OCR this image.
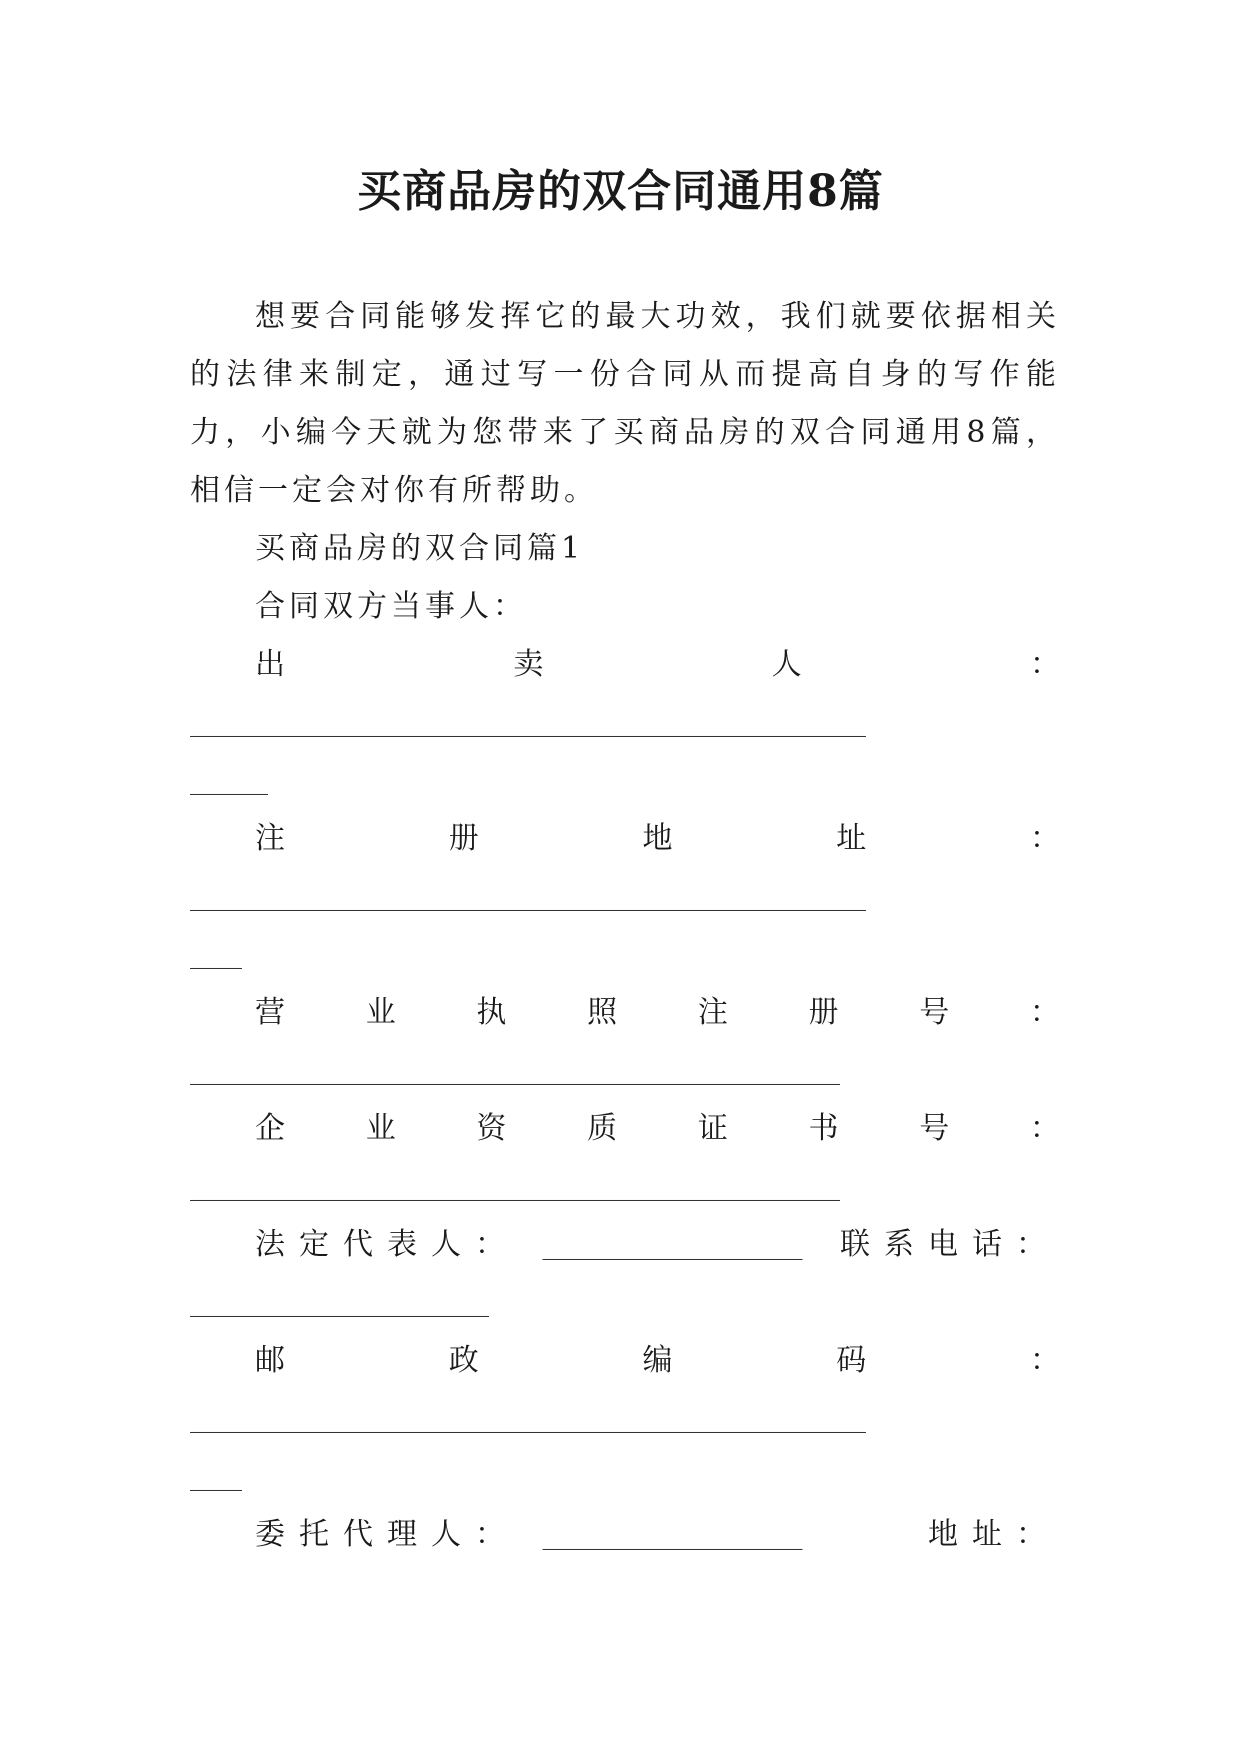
买商品房的双合同通用8篇

想要合同能够发挥它的最大功效，我们就要依据相关的法律来制定，通过写一份合同从而提高自身的写作能力，小编今天就为您带来了买商品房的双合同通用8篇，相信一定会对你有所帮助。

买商品房的双合同篇1

合同双方当事人：

出	卖	人	：
____________________________________________________
______
注	册	地	址	：
____________________________________________________
____
营	业	执	照	注	册	号	：
__________________________________________________
企	业	资	质	证	书	号	：
__________________________________________________
法定代表人： ____________________ 联系电话：
_______________________
邮	政	编	码	：
____________________________________________________
____
委托代理人： ____________________	地址：
